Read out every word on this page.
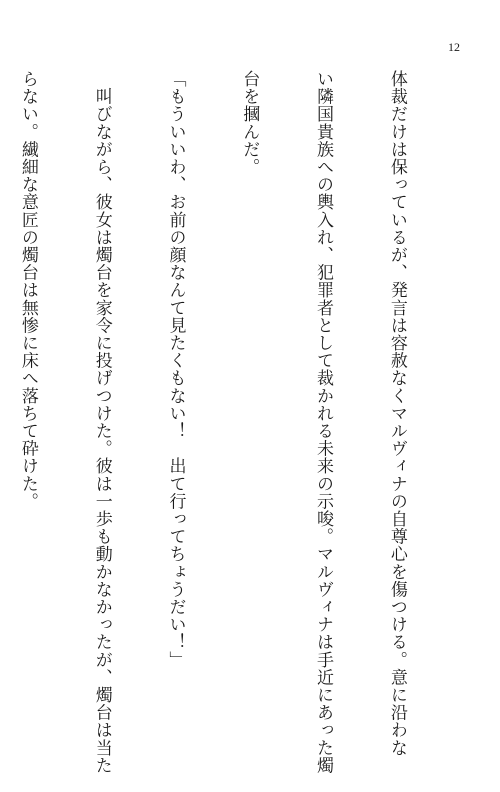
12

体裁だけは保っているが、発言は容赦なくマルヴィナの自尊心を傷つける。意に沿わな

い隣国貴族への輿入れ、犯罪者として裁かれる未来の示唆。マルヴィナは手近にあった燭

台を摑んだ。

「もういいわ、お前の顔なんて見たくもない！　出て行ってちょうだい！」

　叫びながら、彼女は燭台を家令に投げつけた。彼は一歩も動かなかったが、燭台は当た

らない。繊細な意匠の燭台は無惨に床へ落ちて砕けた。
